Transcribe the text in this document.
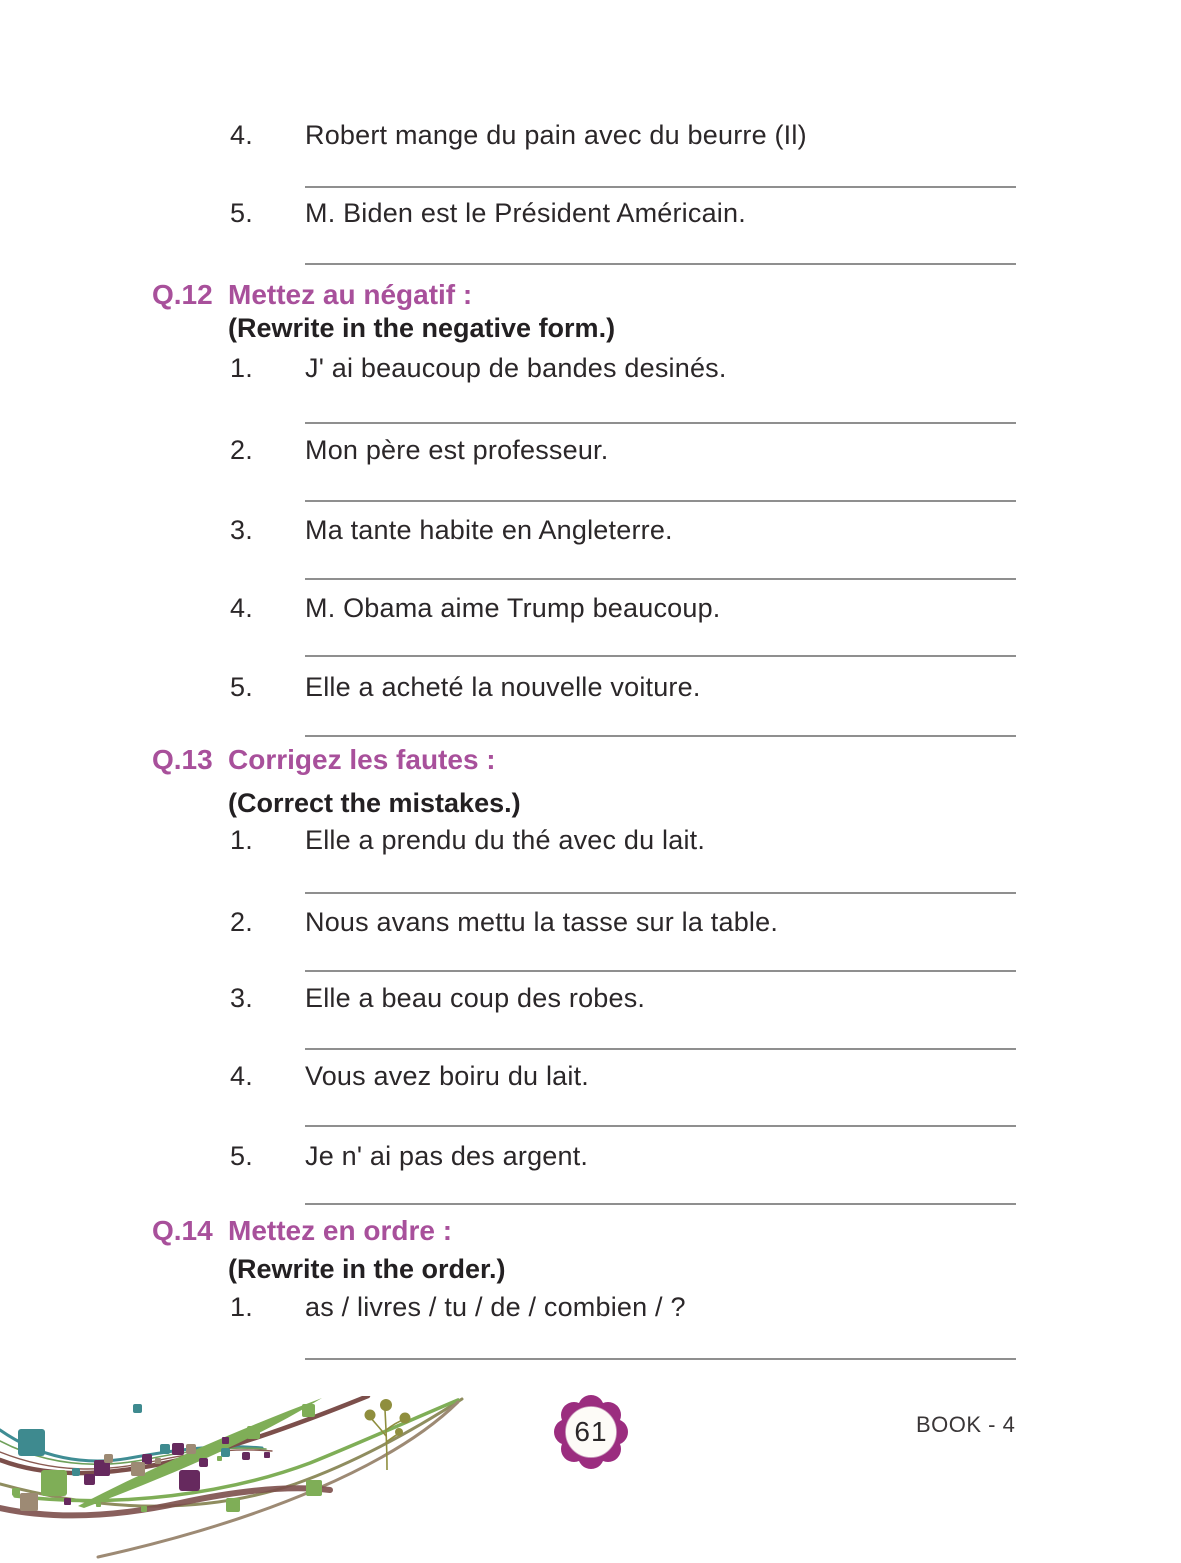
4.	Robert mange du pain avec du beurre (Il)
5.	M. Biden est le Président Américain.
Q.12 Mettez au négatif :
(Rewrite in the negative form.)
1.	J' ai beaucoup de bandes desinés.
2.	Mon père est professeur.
3.	Ma tante habite en Angleterre.
4.	M. Obama aime Trump beaucoup.
5.	Elle a acheté la nouvelle voiture.
Q.13 Corrigez les fautes :
(Correct the mistakes.)
1.	Elle a prendu du thé avec du lait.
2.	Nous avans mettu la tasse sur la table.
3.	Elle a beau coup des robes.
4.	Vous avez boiru du lait.
5.	Je n' ai pas des argent.
Q.14 Mettez en ordre :
(Rewrite in the order.)
1.	as / livres / tu / de / combien / ?
61	BOOK - 4
